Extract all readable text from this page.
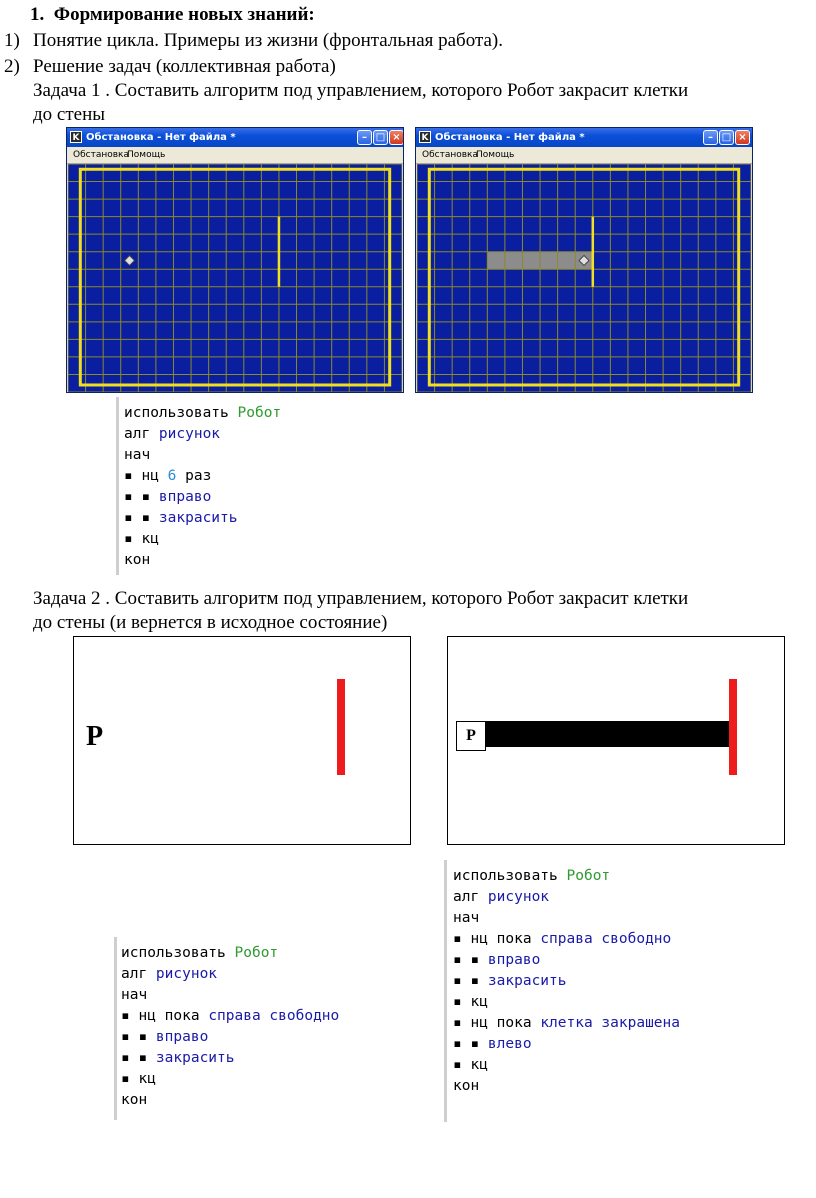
1. Формирование новых знаний:
1) Понятие цикла. Примеры из жизни (фронтальная работа).
2) Решение задач (коллективная работа)
Задача 1 . Составить алгоритм под управлением, которого Робот закрасит клетки
до стены
K Обстановка - Нет файла *	– □ ×
Обстановка
Помощь
K Обстановка - Нет файла *	– □ ×
Обстановка
Помощь
использовать Робот
алг рисунок
нач
▪ нц 6 раз
▪ ▪ вправо
▪ ▪ закрасить
▪ кц
кон
Задача 2 . Составить алгоритм под управлением, которого Робот закрасит клетки
до стены (и вернется в исходное состояние)
Р	Р
использовать Робот
алг рисунок
нач
▪ нц пока справа свободно
▪ ▪ вправо
▪ ▪ закрасить
▪ кц
▪ нц пока клетка закрашена
▪ ▪ влево
▪ кц
кон
использовать Робот
алг рисунок
нач
▪ нц пока справа свободно
▪ ▪ вправо
▪ ▪ закрасить
▪ кц
кон
